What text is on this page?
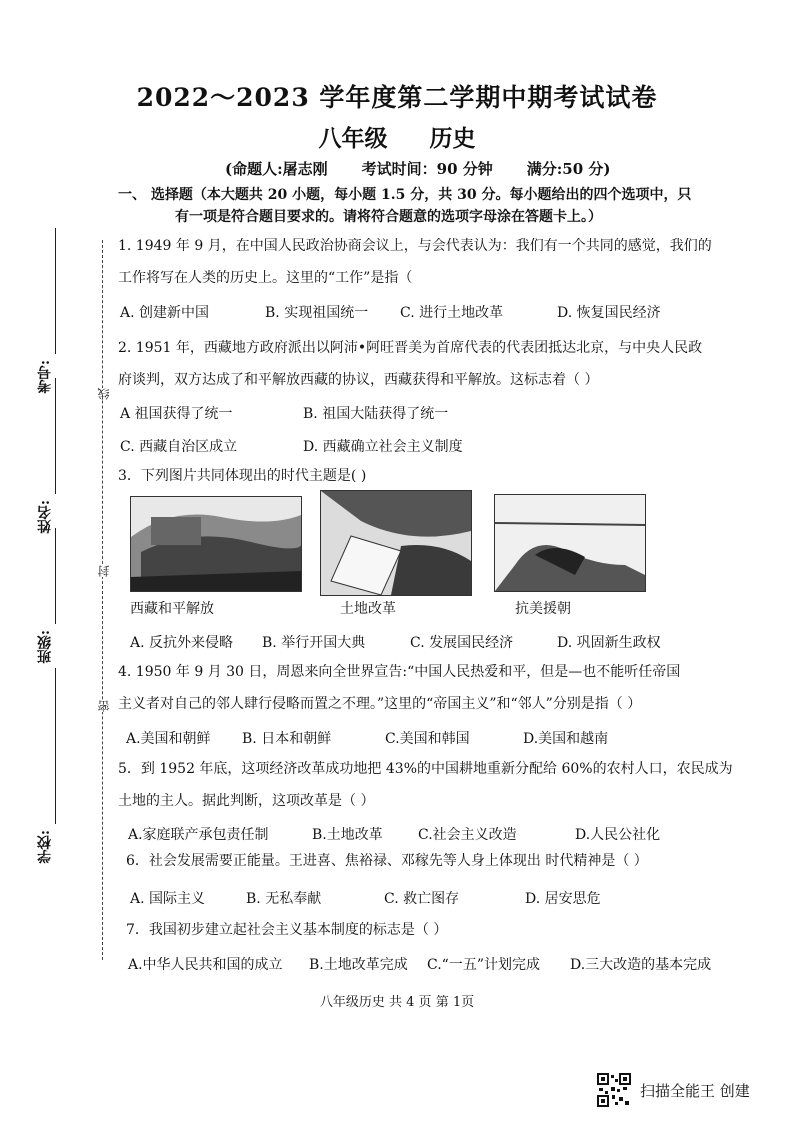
考号:
姓名:
班级:
学校:
线
封
密
2022～2023 学年度第二学期中期考试试卷
八年级 历史
(命题人:屠志刚 考试时间：90 分钟 满分:50 分)
一、 选择题（本大题共 20 小题，每小题 1.5 分，共 30 分。每小题给出的四个选项中，只
有一项是符合题目要求的。请将符合题意的选项字母涂在答题卡上。）
1. 1949 年 9 月，在中国人民政治协商会议上，与会代表认为：我们有一个共同的感觉，我们的
工作将写在人类的历史上。这里的“工作”是指（
A. 创建新中国	B. 实现祖国统一 C. 进行土地改革	D. 恢复国民经济
2. 1951 年，西藏地方政府派出以阿沛•阿旺晋美为首席代表的代表团抵达北京，与中央人民政
府谈判，双方达成了和平解放西藏的协议，西藏获得和平解放。这标志着（ ）
A 祖国获得了统一	B. 祖国大陆获得了统一
C. 西藏自治区成立	D. 西藏确立社会主义制度
3．下列图片共同体现出的时代主题是( )
西藏和平解放	土地改革	抗美援朝
A. 反抗外来侵略 B. 举行开国大典	C. 发展国民经济	D. 巩固新生政权
4. 1950 年 9 月 30 日，周恩来向全世界宣告:“中国人民热爱和平，但是—也不能听任帝国
主义者对自己的邻人肆行侵略而置之不理。”这里的“帝国主义”和“邻人”分别是指（ ）
A.美国和朝鲜 B. 日本和朝鲜	C.美国和韩国	D.美国和越南
5．到 1952 年底，这项经济改革成功地把 43%的中国耕地重新分配给 60%的农村人口，农民成为
土地的主人。据此判断，这项改革是（ ）
A.家庭联产承包责任制	B.土地改革	C.社会主义改造	D.人民公社化
6．社会发展需要正能量。王进喜、焦裕禄、邓稼先等人身上体现出 时代精神是（ ）
A. 国际主义	B. 无私奉献	C. 救亡图存	D. 居安思危
7．我国初步建立起社会主义基本制度的标志是（ ）
A.中华人民共和国的成立 B.土地改革完成 C.“一五”计划完成 D.三大改造的基本完成
八年级历史 共 4 页 第 1页
扫描全能王 创建
